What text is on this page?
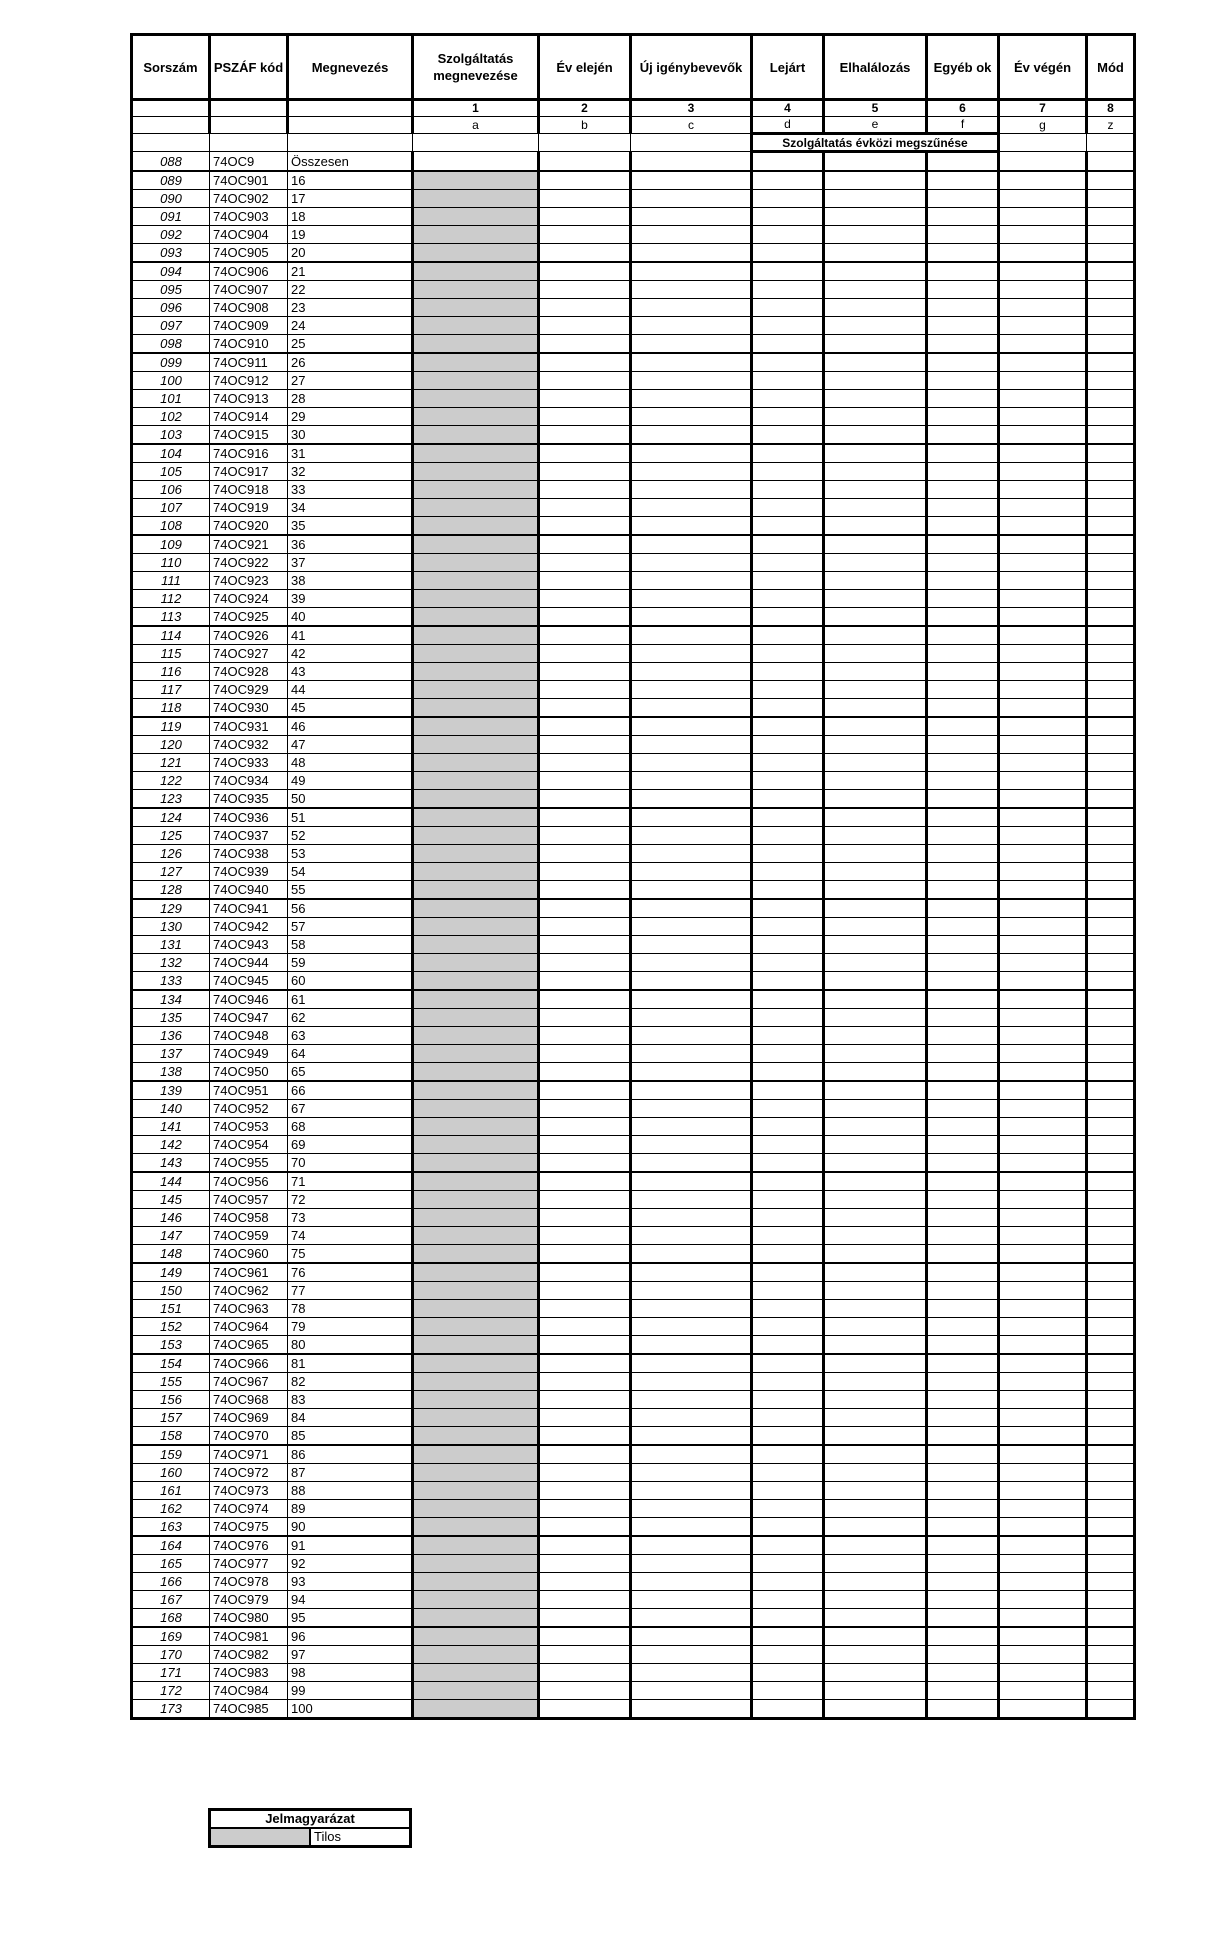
Sorszám	PSZÁF kód	Megnevezés	Szolgáltatás megnevezése	Év elején	Új igénybevevők	Lejárt	Elhalálozás	Egyéb ok	Év végén	Mód
			1	2	3	4	5	6	7	8
			a	b	c	d	e	f	g	z
						Szolgáltatás évközi megszűnése				
088	74OC9	Összesen								
089	74OC901	16								
090	74OC902	17								
091	74OC903	18								
092	74OC904	19								
093	74OC905	20								
094	74OC906	21								
095	74OC907	22								
096	74OC908	23								
097	74OC909	24								
098	74OC910	25								
099	74OC911	26								
100	74OC912	27								
101	74OC913	28								
102	74OC914	29								
103	74OC915	30								
104	74OC916	31								
105	74OC917	32								
106	74OC918	33								
107	74OC919	34								
108	74OC920	35								
109	74OC921	36								
110	74OC922	37								
111	74OC923	38								
112	74OC924	39								
113	74OC925	40								
114	74OC926	41								
115	74OC927	42								
116	74OC928	43								
117	74OC929	44								
118	74OC930	45								
119	74OC931	46								
120	74OC932	47								
121	74OC933	48								
122	74OC934	49								
123	74OC935	50								
124	74OC936	51								
125	74OC937	52								
126	74OC938	53								
127	74OC939	54								
128	74OC940	55								
129	74OC941	56								
130	74OC942	57								
131	74OC943	58								
132	74OC944	59								
133	74OC945	60								
134	74OC946	61								
135	74OC947	62								
136	74OC948	63								
137	74OC949	64								
138	74OC950	65								
139	74OC951	66								
140	74OC952	67								
141	74OC953	68								
142	74OC954	69								
143	74OC955	70								
144	74OC956	71								
145	74OC957	72								
146	74OC958	73								
147	74OC959	74								
148	74OC960	75								
149	74OC961	76								
150	74OC962	77								
151	74OC963	78								
152	74OC964	79								
153	74OC965	80								
154	74OC966	81								
155	74OC967	82								
156	74OC968	83								
157	74OC969	84								
158	74OC970	85								
159	74OC971	86								
160	74OC972	87								
161	74OC973	88								
162	74OC974	89								
163	74OC975	90								
164	74OC976	91								
165	74OC977	92								
166	74OC978	93								
167	74OC979	94								
168	74OC980	95								
169	74OC981	96								
170	74OC982	97								
171	74OC983	98								
172	74OC984	99								
173	74OC985	100								
Jelmagyarázat
	Tilos
